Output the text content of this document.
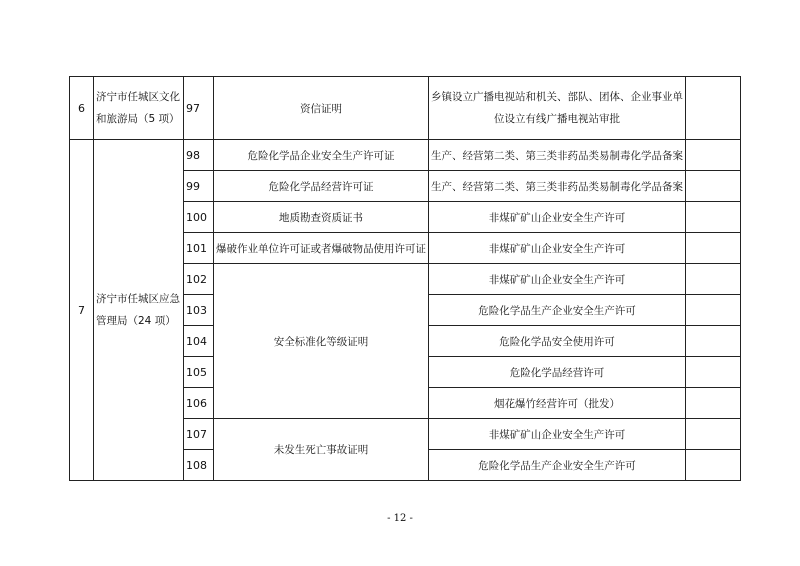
6	济宁市任城区文化和旅游局（5 项）	97	资信证明	乡镇设立广播电视站和机关、部队、团体、企业事业单位设立有线广播电视站审批	
7	济宁市任城区应急管理局（24 项）	98	危险化学品企业安全生产许可证	生产、经营第二类、第三类非药品类易制毒化学品备案	
		99	危险化学品经营许可证	生产、经营第二类、第三类非药品类易制毒化学品备案	
		100	地质勘查资质证书	非煤矿矿山企业安全生产许可	
		101	爆破作业单位许可证或者爆破物品使用许可证	非煤矿矿山企业安全生产许可	
		102	安全标准化等级证明	非煤矿矿山企业安全生产许可	
		103		危险化学品生产企业安全生产许可	
		104		危险化学品安全使用许可	
		105		危险化学品经营许可	
		106		烟花爆竹经营许可（批发）	
		107	未发生死亡事故证明	非煤矿矿山企业安全生产许可	
		108		危险化学品生产企业安全生产许可	
- 12 -
